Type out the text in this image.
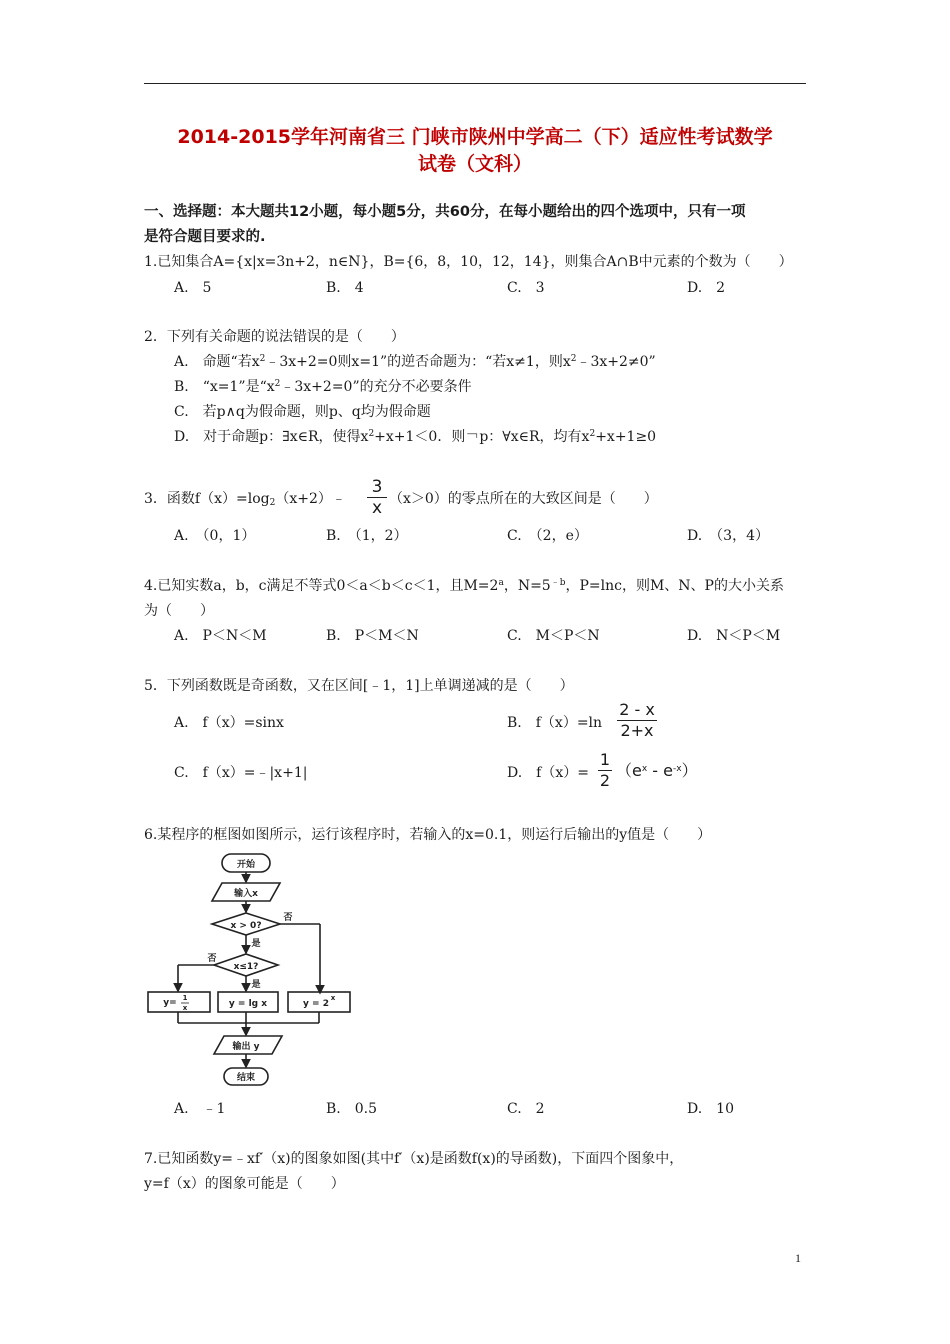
2014-2015学年河南省三 门峡市陕州中学高二（下）适应性考试数学
试卷（文科）
一、选择题：本大题共12小题，每小题5分，共60分，在每小题给出的四个选项中，只有一项
是符合题目要求的.
1.已知集合A={x|x=3n+2，n∈N}，B={6，8，10，12，14}，则集合A∩B中元素的个数为（　　）
A.　5	B.　4	C.　3	D.　2
2．下列有关命题的说法错误的是（　　）
A.　命题“若$x^2﹣3x+2=0$则x=1”的逆否命题为：“若x≠1，则$x^2﹣3x+2\ne 0$”
B.　“x=1”是“$x^2﹣3x+2=0$”的充分不必要条件
C.　若p∧q为假命题，则p、q均为假命题
D.　对于命题p：∃x∈R，使得$x^2+x+1<0$．则￢p：∀x∈R，均有$x^2+x+1\ge 0$
3．函数$f(x)=\log_2(x+2)﹣$
3
x （x＞0）的零点所在的大致区间是（　　）
A.　（0，1）	B.　（1，2）	C.　（2，e）	D.　（3，4）
4.已知实数a，b，c满足不等式0＜a＜b＜c＜1，且$M=2^a$，$N=5^{﹣b}$，P=lnc，则M、N、P的大小关系
为（　　）
A.　P＜N＜M	B.　P＜M＜N	C.　M＜P＜N	D.　N＜P＜M
5．下列函数既是奇函数，又在区间[﹣1，1]上单调递减的是（　　）
A.　f（x）=sinx	B.　f（x）=ln
2 - x
2+x
C.　f（x）=﹣|x+1|	D.　f（x）=
1
2
$(e^x - e^{-x})$
6.某程序的框图如图所示，运行该程序时，若输入的x=0.1，则运行后输出的y值是（　　）
开始
输入x
x > 0?
否
是
x≤1?
否
是
y= 1
x	y = lg x	y = 2
x
输出 y
结束
A.　﹣1	B.　0.5	C.　2	D.　10
7.已知函数y=﹣xf′（x)的图象如图(其中f′（x)是函数f(x)的导函数)，下面四个图象中，
y=f（x）的图象可能是（　　）
1
